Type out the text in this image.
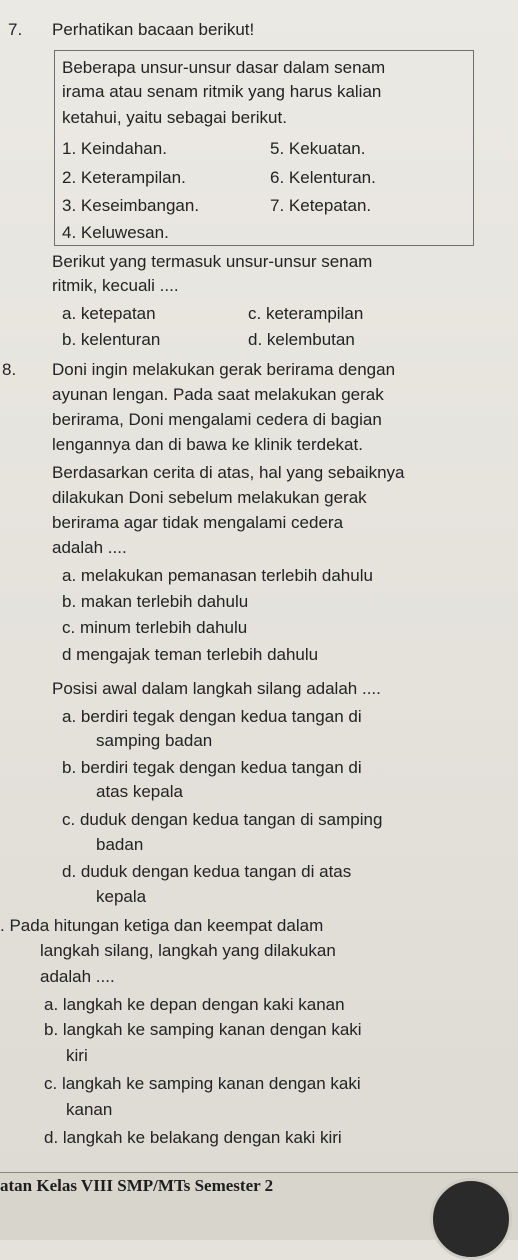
7. Perhatikan bacaan berikut!
Beberapa unsur-unsur dasar dalam senam
irama atau senam ritmik yang harus kalian
ketahui, yaitu sebagai berikut.
1. Keindahan.
2. Keterampilan.
3. Keseimbangan.
4. Keluwesan.
5. Kekuatan.
6. Kelenturan.
7. Ketepatan.
Berikut yang termasuk unsur-unsur senam
ritmik, kecuali ....
a. ketepatan	c. keterampilan
b. kelenturan	d. kelembutan
8. Doni ingin melakukan gerak berirama dengan
ayunan lengan. Pada saat melakukan gerak
berirama, Doni mengalami cedera di bagian
lengannya dan di bawa ke klinik terdekat.
Berdasarkan cerita di atas, hal yang sebaiknya
dilakukan Doni sebelum melakukan gerak
berirama agar tidak mengalami cedera
adalah ....
a. melakukan pemanasan terlebih dahulu
b. makan terlebih dahulu
c. minum terlebih dahulu
d mengajak teman terlebih dahulu
Posisi awal dalam langkah silang adalah ....
a. berdiri tegak dengan kedua tangan di
samping badan
b. berdiri tegak dengan kedua tangan di
atas kepala
c. duduk dengan kedua tangan di samping
badan
d. duduk dengan kedua tangan di atas
kepala
. Pada hitungan ketiga dan keempat dalam
langkah silang, langkah yang dilakukan
adalah ....
a. langkah ke depan dengan kaki kanan
b. langkah ke samping kanan dengan kaki
kiri
c. langkah ke samping kanan dengan kaki
kanan
d. langkah ke belakang dengan kaki kiri
atan Kelas VIII SMP/MTs Semester 2
